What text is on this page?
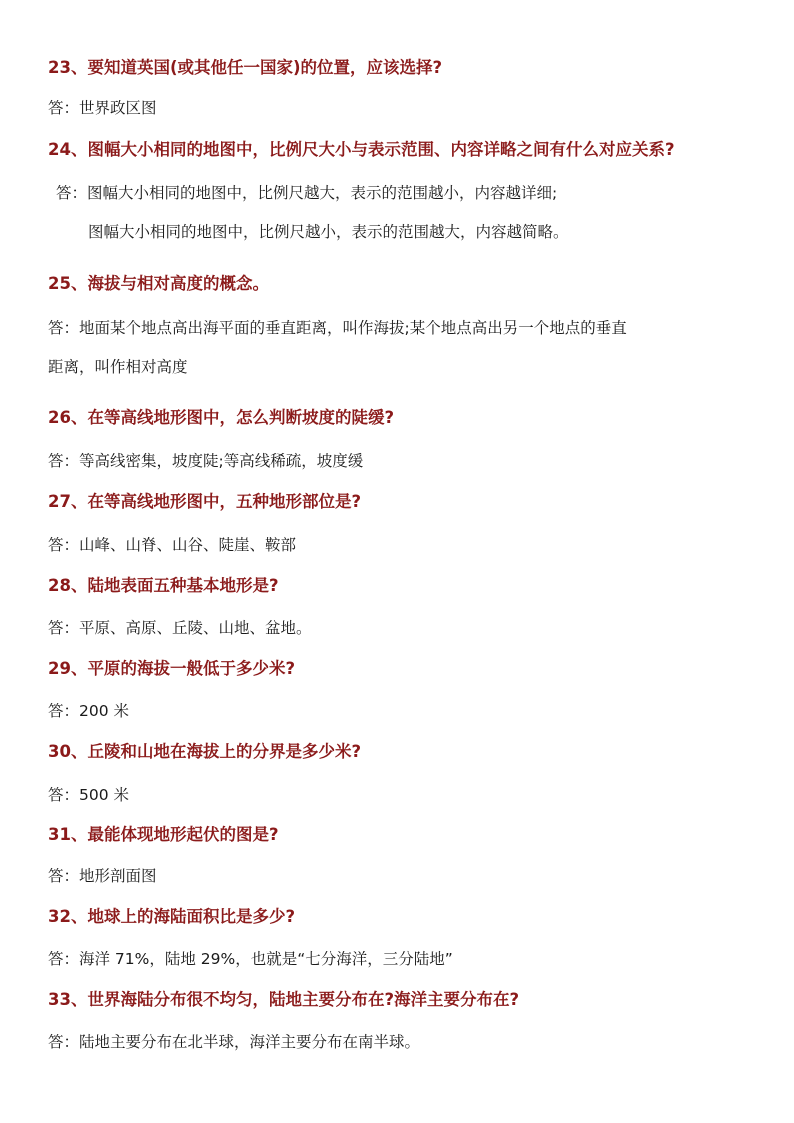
23、要知道英国(或其他任一国家)的位置，应该选择?
答：世界政区图
24、图幅大小相同的地图中，比例尺大小与表示范围、内容详略之间有什么对应关系?
答：图幅大小相同的地图中，比例尺越大，表示的范围越小，内容越详细;
图幅大小相同的地图中，比例尺越小，表示的范围越大，内容越简略。
25、海拔与相对高度的概念。
答：地面某个地点高出海平面的垂直距离，叫作海拔;某个地点高出另一个地点的垂直
距离，叫作相对高度
26、在等高线地形图中，怎么判断坡度的陡缓?
答：等高线密集，坡度陡;等高线稀疏，坡度缓
27、在等高线地形图中，五种地形部位是?
答：山峰、山脊、山谷、陡崖、鞍部
28、陆地表面五种基本地形是?
答：平原、高原、丘陵、山地、盆地。
29、平原的海拔一般低于多少米?
答：200 米
30、丘陵和山地在海拔上的分界是多少米?
答：500 米
31、最能体现地形起伏的图是?
答：地形剖面图
32、地球上的海陆面积比是多少?
答：海洋 71%，陆地 29%，也就是“七分海洋，三分陆地”
33、世界海陆分布很不均匀，陆地主要分布在?海洋主要分布在?
答：陆地主要分布在北半球，海洋主要分布在南半球。
